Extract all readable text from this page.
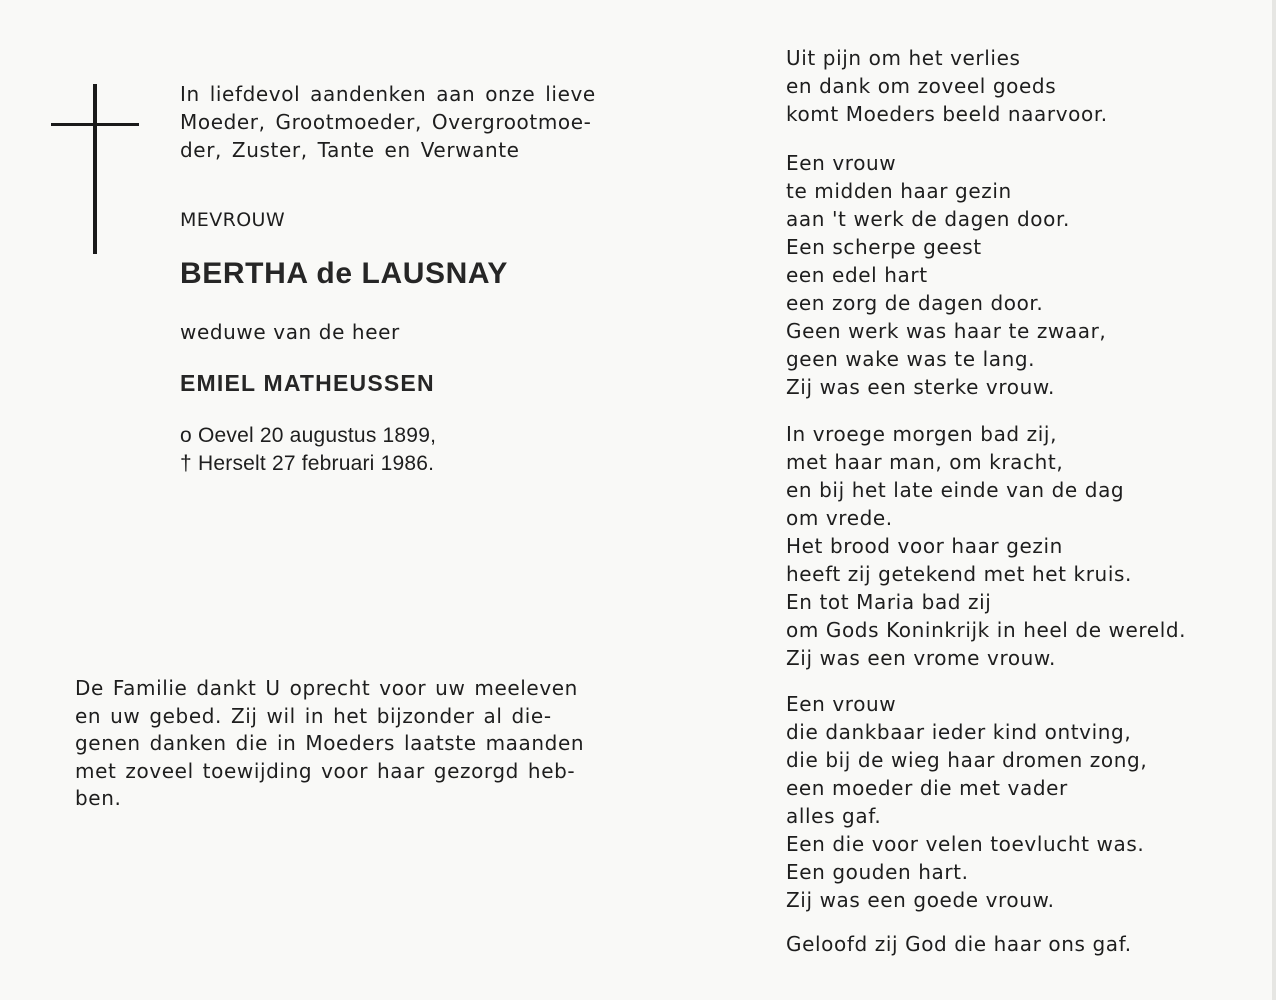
In liefdevol aandenken aan onze lieve
Moeder, Grootmoeder, Overgrootmoe-
der, Zuster, Tante en Verwante
MEVROUW
BERTHA de LAUSNAY
weduwe van de heer
EMIEL MATHEUSSEN
o Oevel 20 augustus 1899,
† Herselt 27 februari 1986.
De Familie dankt U oprecht voor uw meeleven
en uw gebed. Zij wil in het bijzonder al die-
genen danken die in Moeders laatste maanden
met zoveel toewijding voor haar gezorgd heb-
ben.
Uit pijn om het verlies
en dank om zoveel goeds
komt Moeders beeld naarvoor.
Een vrouw
te midden haar gezin
aan 't werk de dagen door.
Een scherpe geest
een edel hart
een zorg de dagen door.
Geen werk was haar te zwaar,
geen wake was te lang.
Zij was een sterke vrouw.
In vroege morgen bad zij,
met haar man, om kracht,
en bij het late einde van de dag
om vrede.
Het brood voor haar gezin
heeft zij getekend met het kruis.
En tot Maria bad zij
om Gods Koninkrijk in heel de wereld.
Zij was een vrome vrouw.
Een vrouw
die dankbaar ieder kind ontving,
die bij de wieg haar dromen zong,
een moeder die met vader
alles gaf.
Een die voor velen toevlucht was.
Een gouden hart.
Zij was een goede vrouw.
Geloofd zij God die haar ons gaf.
